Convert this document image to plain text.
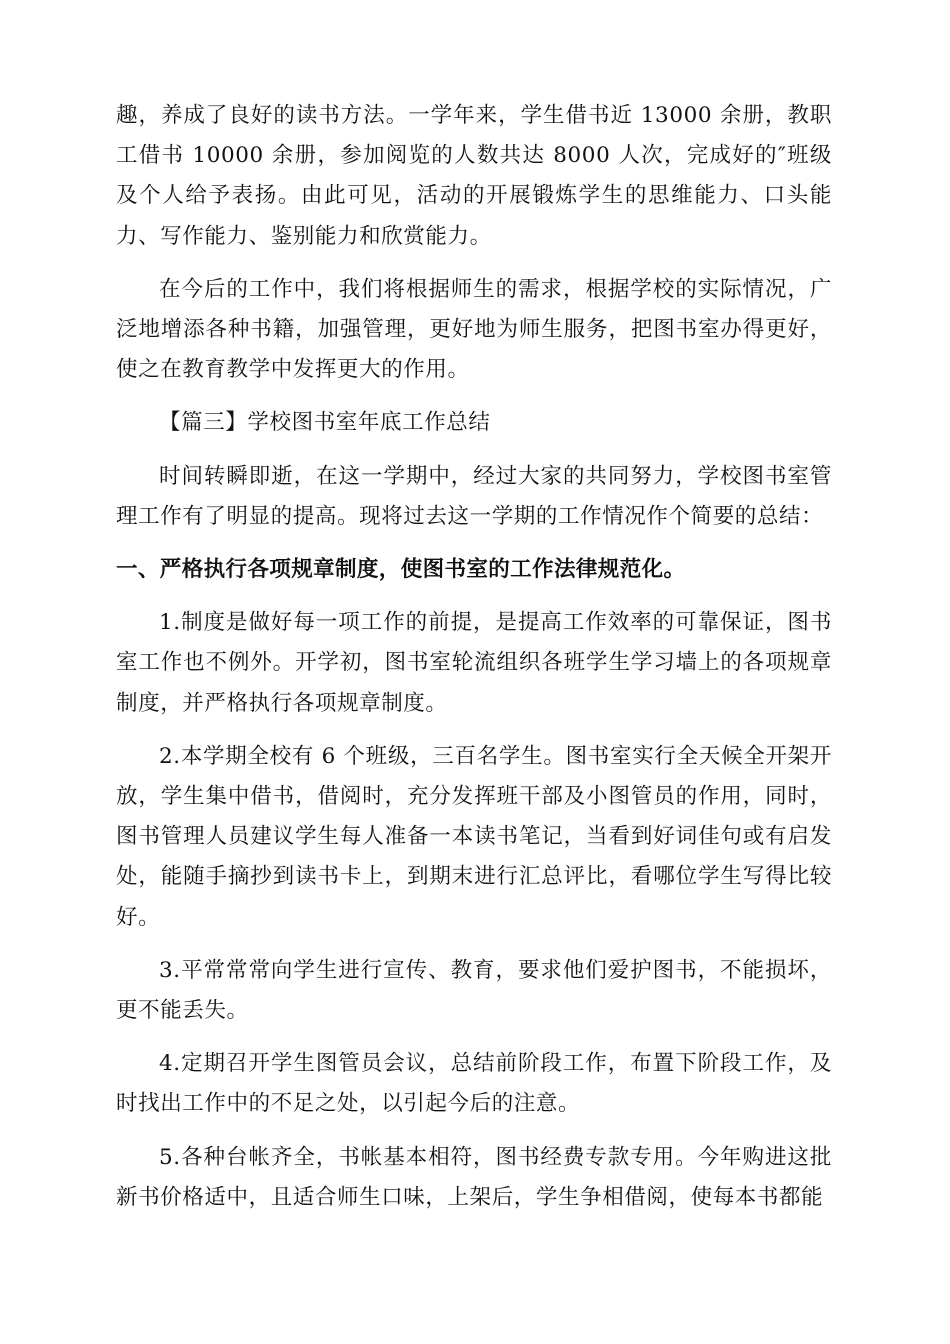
趣，养成了良好的读书方法。一学年来，学生借书近 13000 余册，教职工借书 10000 余册，参加阅览的人数共达 8000 人次，完成好的″班级及个人给予表扬。由此可见，活动的开展锻炼学生的思维能力、口头能力、写作能力、鉴别能力和欣赏能力。

在今后的工作中，我们将根据师生的需求，根据学校的实际情况，广泛地增添各种书籍，加强管理，更好地为师生服务，把图书室办得更好，使之在教育教学中发挥更大的作用。

【篇三】学校图书室年底工作总结

时间转瞬即逝，在这一学期中，经过大家的共同努力，学校图书室管理工作有了明显的提高。现将过去这一学期的工作情况作个简要的总结：

一、严格执行各项规章制度，使图书室的工作法律规范化。

1.制度是做好每一项工作的前提，是提高工作效率的可靠保证，图书室工作也不例外。开学初，图书室轮流组织各班学生学习墙上的各项规章制度，并严格执行各项规章制度。

2.本学期全校有 6 个班级，三百名学生。图书室实行全天候全开架开放，学生集中借书，借阅时，充分发挥班干部及小图管员的作用，同时，图书管理人员建议学生每人准备一本读书笔记，当看到好词佳句或有启发处，能随手摘抄到读书卡上，到期末进行汇总评比，看哪位学生写得比较好。

3.平常常常向学生进行宣传、教育，要求他们爱护图书，不能损坏，更不能丢失。

4.定期召开学生图管员会议，总结前阶段工作，布置下阶段工作，及时找出工作中的不足之处，以引起今后的注意。

5.各种台帐齐全，书帐基本相符，图书经费专款专用。今年购进这批新书价格适中，且适合师生口味，上架后，学生争相借阅，使每本书都能
